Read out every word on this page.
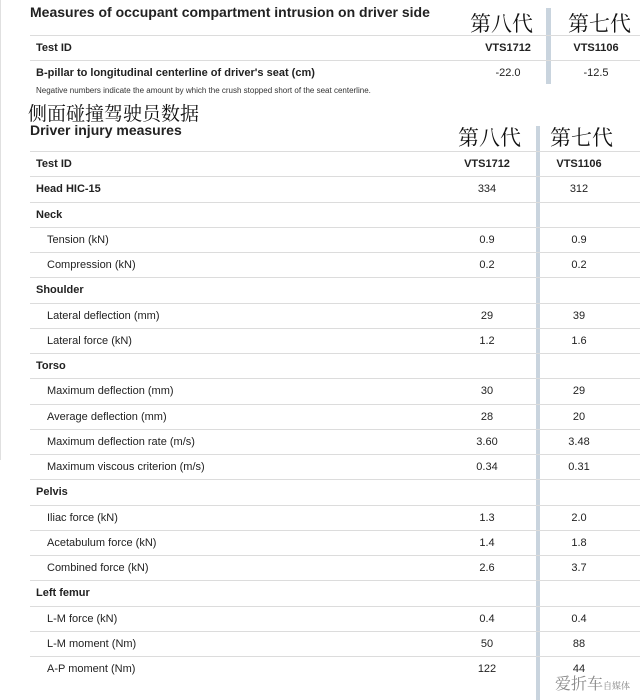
Measures of occupant compartment intrusion on driver side 第八代 第七代
Test ID	VTS1712	VTS1106
B-pillar to longitudinal centerline of driver's seat (cm)	-22.0	-12.5
Negative numbers indicate the amount by which the crush stopped short of the seat centerline.
侧面碰撞驾驶员数据
Driver injury measures	第八代 第七代
Test ID	VTS1712	VTS1106
Head HIC-15	334	312
Neck
Tension (kN)	0.9	0.9
Compression (kN)	0.2	0.2
Shoulder
Lateral deflection (mm)	29	39
Lateral force (kN)	1.2	1.6
Torso
Maximum deflection (mm)	30	29
Average deflection (mm)	28	20
Maximum deflection rate (m/s)	3.60	3.48
Maximum viscous criterion (m/s)	0.34	0.31
Pelvis
Iliac force (kN)	1.3	2.0
Acetabulum force (kN)	1.4	1.8
Combined force (kN)	2.6	3.7
Left femur
L-M force (kN)	0.4	0.4
L-M moment (Nm)	50	88
A-P moment (Nm)	122	44
爱折车自媒体
